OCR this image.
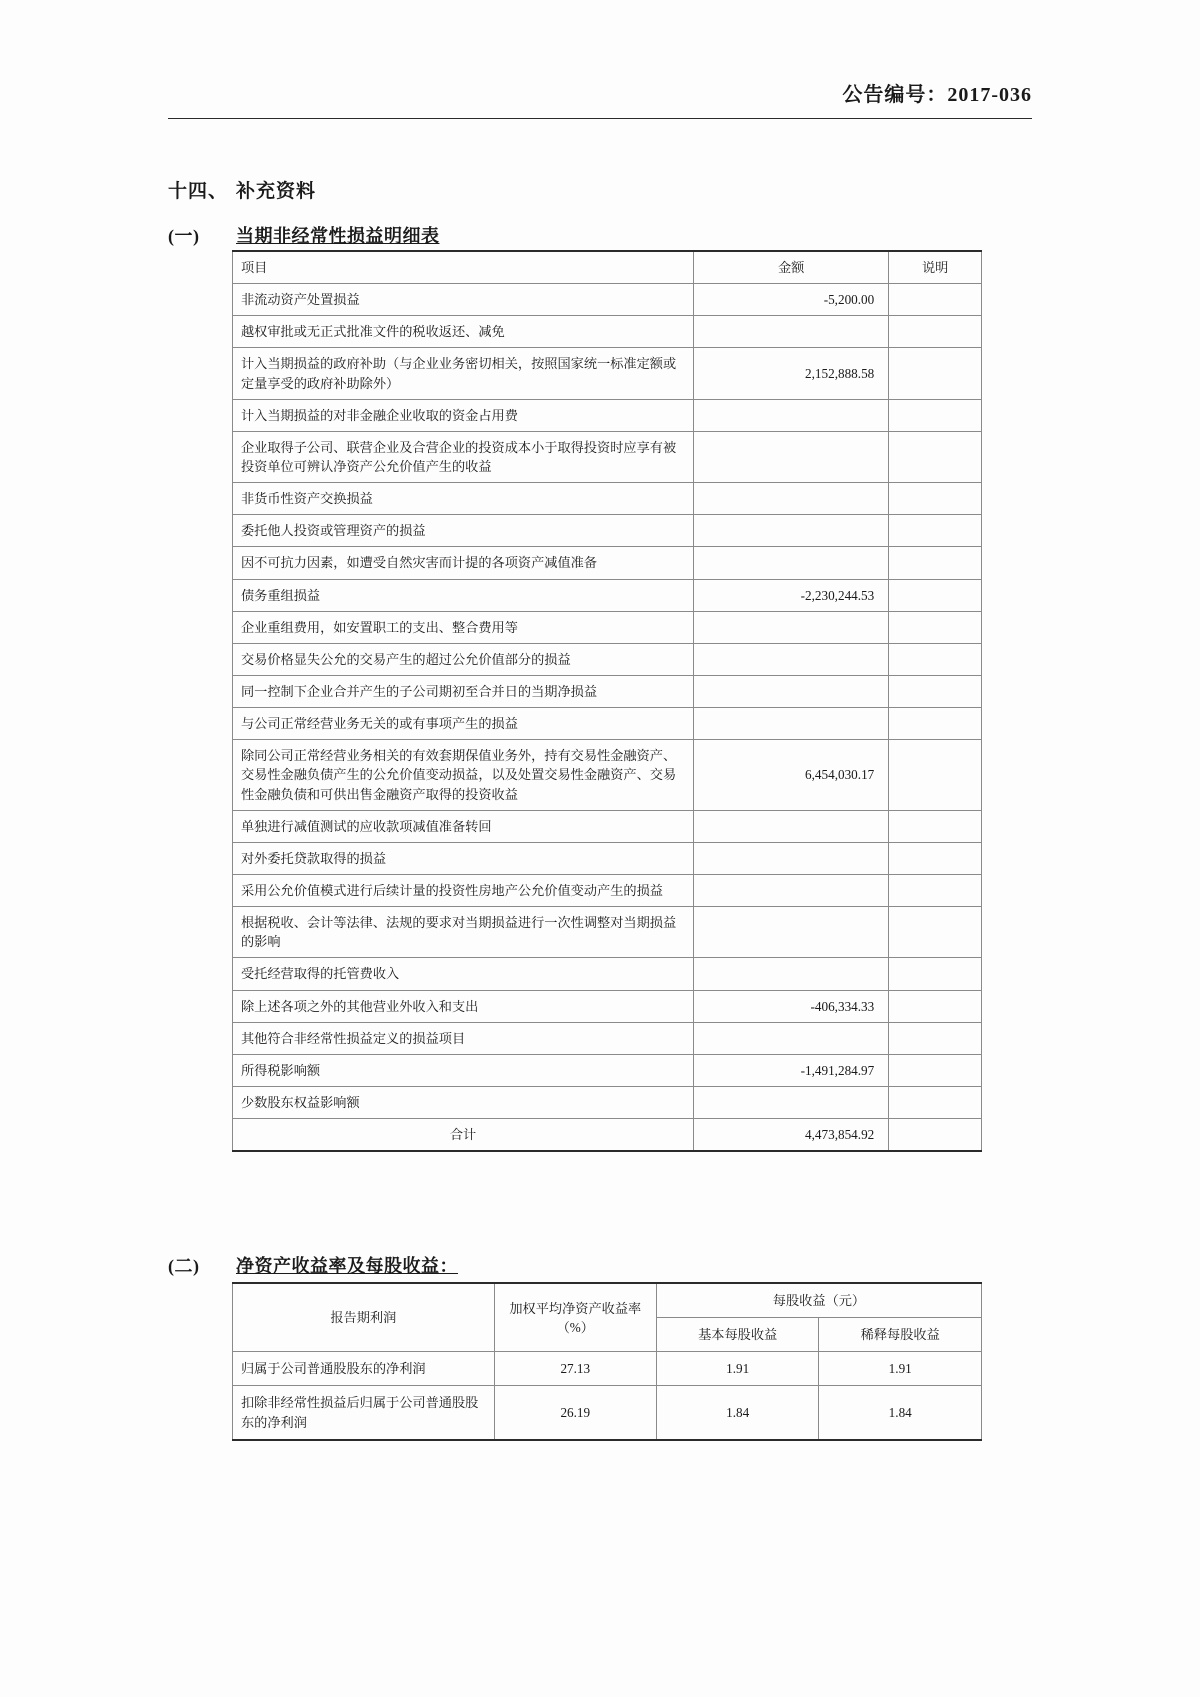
公告编号：2017-036
十四、 补充资料
(一) 当期非经常性损益明细表
项目	金额	说明
非流动资产处置损益	-5,200.00	
越权审批或无正式批准文件的税收返还、减免		
计入当期损益的政府补助（与企业业务密切相关，按照国家统一标准定额或定量享受的政府补助除外）	2,152,888.58	
计入当期损益的对非金融企业收取的资金占用费		
企业取得子公司、联营企业及合营企业的投资成本小于取得投资时应享有被投资单位可辨认净资产公允价值产生的收益		
非货币性资产交换损益		
委托他人投资或管理资产的损益		
因不可抗力因素，如遭受自然灾害而计提的各项资产减值准备		
债务重组损益	-2,230,244.53	
企业重组费用，如安置职工的支出、整合费用等		
交易价格显失公允的交易产生的超过公允价值部分的损益		
同一控制下企业合并产生的子公司期初至合并日的当期净损益		
与公司正常经营业务无关的或有事项产生的损益		
除同公司正常经营业务相关的有效套期保值业务外，持有交易性金融资产、交易性金融负债产生的公允价值变动损益，以及处置交易性金融资产、交易性金融负债和可供出售金融资产取得的投资收益	6,454,030.17	
单独进行减值测试的应收款项减值准备转回		
对外委托贷款取得的损益		
采用公允价值模式进行后续计量的投资性房地产公允价值变动产生的损益		
根据税收、会计等法律、法规的要求对当期损益进行一次性调整对当期损益的影响		
受托经营取得的托管费收入		
除上述各项之外的其他营业外收入和支出	-406,334.33	
其他符合非经常性损益定义的损益项目		
所得税影响额	-1,491,284.97	
少数股东权益影响额		
合计	4,473,854.92	
(二) 净资产收益率及每股收益：
报告期利润	加权平均净资产收益率（%）	每股收益（元）	
		基本每股收益	稀释每股收益
归属于公司普通股股东的净利润	27.13	1.91	1.91
扣除非经常性损益后归属于公司普通股股东的净利润	26.19	1.84	1.84
